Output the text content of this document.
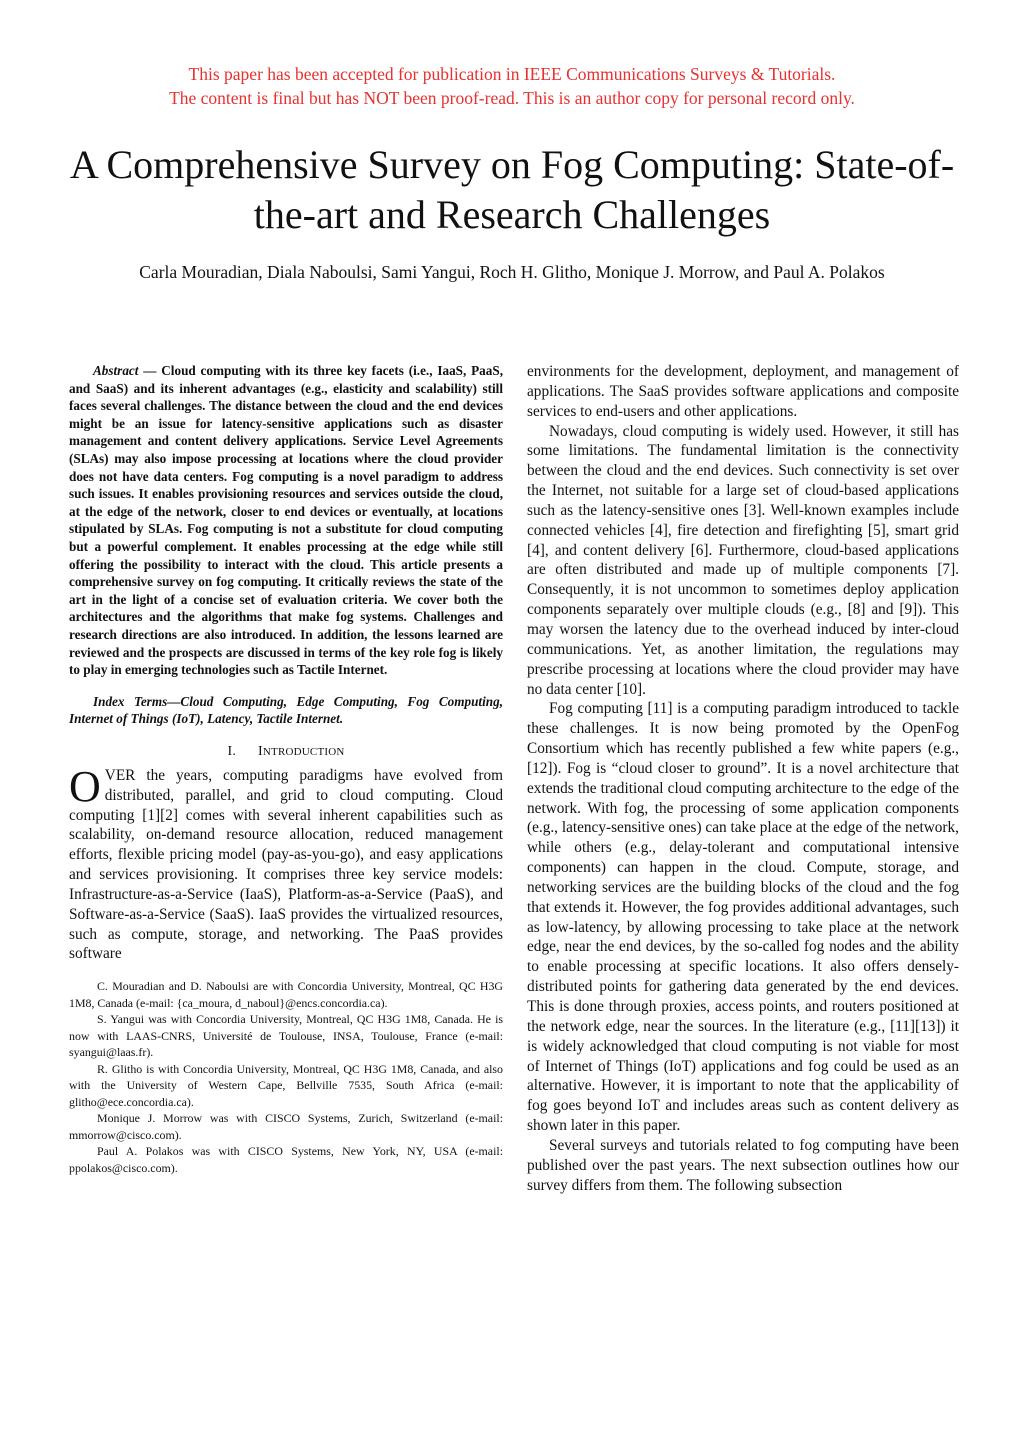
This paper has been accepted for publication in IEEE Communications Surveys & Tutorials.
The content is final but has NOT been proof-read. This is an author copy for personal record only.
A Comprehensive Survey on Fog Computing: State-of-the-art and Research Challenges
Carla Mouradian, Diala Naboulsi, Sami Yangui, Roch H. Glitho, Monique J. Morrow, and Paul A. Polakos

Abstract — Cloud computing with its three key facets (i.e., IaaS, PaaS, and SaaS) and its inherent advantages (e.g., elasticity and scalability) still faces several challenges. The distance between the cloud and the end devices might be an issue for latency-sensitive applications such as disaster management and content delivery applications. Service Level Agreements (SLAs) may also impose processing at locations where the cloud provider does not have data centers. Fog computing is a novel paradigm to address such issues. It enables provisioning resources and services outside the cloud, at the edge of the network, closer to end devices or eventually, at locations stipulated by SLAs. Fog computing is not a substitute for cloud computing but a powerful complement. It enables processing at the edge while still offering the possibility to interact with the cloud. This article presents a comprehensive survey on fog computing. It critically reviews the state of the art in the light of a concise set of evaluation criteria. We cover both the architectures and the algorithms that make fog systems. Challenges and research directions are also introduced. In addition, the lessons learned are reviewed and the prospects are discussed in terms of the key role fog is likely to play in emerging technologies such as Tactile Internet.

Index Terms—Cloud Computing, Edge Computing, Fog Computing, Internet of Things (IoT), Latency, Tactile Internet.

I. INTRODUCTION

OVER the years, computing paradigms have evolved from distributed, parallel, and grid to cloud computing. Cloud computing [1][2] comes with several inherent capabilities such as scalability, on-demand resource allocation, reduced management efforts, flexible pricing model (pay-as-you-go), and easy applications and services provisioning. It comprises three key service models: Infrastructure-as-a-Service (IaaS), Platform-as-a-Service (PaaS), and Software-as-a-Service (SaaS). IaaS provides the virtualized resources, such as compute, storage, and networking. The PaaS provides software

C. Mouradian and D. Naboulsi are with Concordia University, Montreal, QC H3G 1M8, Canada (e-mail: {ca_moura, d_naboul}@encs.concordia.ca).

S. Yangui was with Concordia University, Montreal, QC H3G 1M8, Canada. He is now with LAAS-CNRS, Université de Toulouse, INSA, Toulouse, France (e-mail: syangui@laas.fr).

R. Glitho is with Concordia University, Montreal, QC H3G 1M8, Canada, and also with the University of Western Cape, Bellville 7535, South Africa (e-mail: glitho@ece.concordia.ca).

Monique J. Morrow was with CISCO Systems, Zurich, Switzerland (e-mail: mmorrow@cisco.com).

Paul A. Polakos was with CISCO Systems, New York, NY, USA (e-mail: ppolakos@cisco.com).

environments for the development, deployment, and management of applications. The SaaS provides software applications and composite services to end-users and other applications.

Nowadays, cloud computing is widely used. However, it still has some limitations. The fundamental limitation is the connectivity between the cloud and the end devices. Such connectivity is set over the Internet, not suitable for a large set of cloud-based applications such as the latency-sensitive ones [3]. Well-known examples include connected vehicles [4], fire detection and firefighting [5], smart grid [4], and content delivery [6]. Furthermore, cloud-based applications are often distributed and made up of multiple components [7]. Consequently, it is not uncommon to sometimes deploy application components separately over multiple clouds (e.g., [8] and [9]). This may worsen the latency due to the overhead induced by inter-cloud communications. Yet, as another limitation, the regulations may prescribe processing at locations where the cloud provider may have no data center [10].

Fog computing [11] is a computing paradigm introduced to tackle these challenges. It is now being promoted by the OpenFog Consortium which has recently published a few white papers (e.g., [12]). Fog is “cloud closer to ground”. It is a novel architecture that extends the traditional cloud computing architecture to the edge of the network. With fog, the processing of some application components (e.g., latency-sensitive ones) can take place at the edge of the network, while others (e.g., delay-tolerant and computational intensive components) can happen in the cloud. Compute, storage, and networking services are the building blocks of the cloud and the fog that extends it. However, the fog provides additional advantages, such as low-latency, by allowing processing to take place at the network edge, near the end devices, by the so-called fog nodes and the ability to enable processing at specific locations. It also offers densely-distributed points for gathering data generated by the end devices. This is done through proxies, access points, and routers positioned at the network edge, near the sources. In the literature (e.g., [11][13]) it is widely acknowledged that cloud computing is not viable for most of Internet of Things (IoT) applications and fog could be used as an alternative. However, it is important to note that the applicability of fog goes beyond IoT and includes areas such as content delivery as shown later in this paper.

Several surveys and tutorials related to fog computing have been published over the past years. The next subsection outlines how our survey differs from them. The following subsection
